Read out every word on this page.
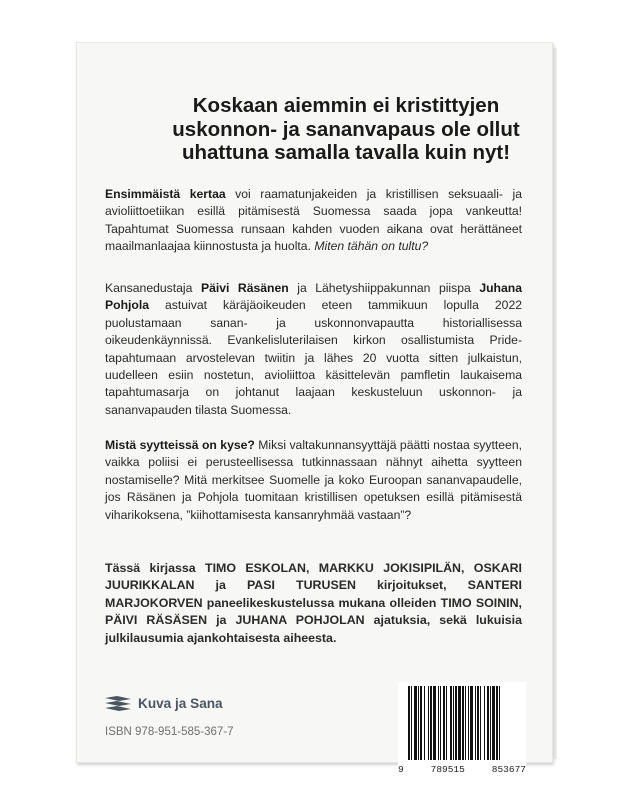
Koskaan aiemmin ei kristittyjen
uskonnon- ja sananvapaus ole ollut
uhattuna samalla tavalla kuin nyt!

Ensimmäistä kertaa voi raamatunjakeiden ja kristillisen seksuaali- ja avioliittoetiikan esillä pitämisestä Suomessa saada jopa vankeutta! Tapahtumat Suomessa runsaan kahden vuoden aikana ovat herättäneet maailmanlaajaa kiinnostusta ja huolta. Miten tähän on tultu?

Kansanedustaja Päivi Räsänen ja Lähetyshiippakunnan piispa Juhana Pohjola astuivat käräjäoikeuden eteen tammikuun lopulla 2022 puolustamaan sanan- ja uskonnonvapautta historiallisessa oikeudenkäynnissä. Evankelisluterilaisen kirkon osallistumista Pride-tapahtumaan arvostelevan twiitin ja lähes 20 vuotta sitten julkaistun, uudelleen esiin nostetun, avioliittoa käsittelevän pamfletin laukaisema tapahtumasarja on johtanut laajaan keskusteluun uskonnon- ja sananvapauden tilasta Suomessa.

Mistä syytteissä on kyse? Miksi valtakunnansyyttäjä päätti nostaa syytteen, vaikka poliisi ei perusteellisessa tutkinnassaan nähnyt aihetta syytteen nostamiselle? Mitä merkitsee Suomelle ja koko Euroopan sananvapaudelle, jos Räsänen ja Pohjola tuomitaan kristillisen opetuksen esillä pitämisestä viharikoksena, ”kiihottamisesta kansanryhmää vastaan”?

Tässä kirjassa TIMO ESKOLAN, MARKKU JOKISIPILÄN, OSKARI JUURIKKALAN ja PASI TURUSEN kirjoitukset, SANTERI MARJOKORVEN paneelikeskustelussa mukana olleiden TIMO SOININ, PÄIVI RÄSÄSEN ja JUHANA POHJOLAN ajatuksia, sekä lukuisia julkilausumia ajankohtaisesta aiheesta.

Kuva ja Sana
ISBN 978-951-585-367-7
9	789515	853677
